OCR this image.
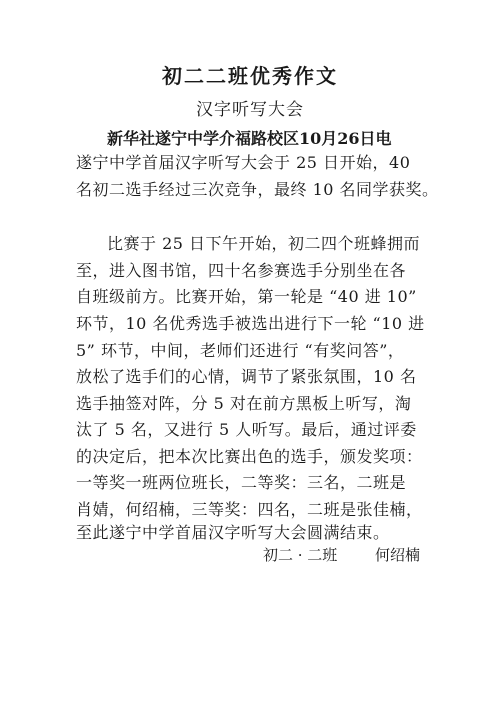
初二二班优秀作文
汉字听写大会
新华社遂宁中学介福路校区10月26日电
遂宁中学首届汉字听写大会于 25 日开始，40
名初二选手经过三次竞争，最终 10 名同学获奖。
比赛于 25 日下午开始，初二四个班蜂拥而
至，进入图书馆，四十名参赛选手分别坐在各
自班级前方。比赛开始，第一轮是 “40 进 10”
环节，10 名优秀选手被选出进行下一轮 “10 进
5” 环节，中间，老师们还进行 “有奖问答”，
放松了选手们的心情，调节了紧张氛围，10 名
选手抽签对阵，分 5 对在前方黑板上听写，淘
汰了 5 名，又进行 5 人听写。最后，通过评委
的决定后，把本次比赛出色的选手，颁发奖项：
一等奖一班两位班长，二等奖：三名，二班是
肖婧，何绍楠，三等奖：四名，二班是张佳楠，
至此遂宁中学首届汉字听写大会圆满结束。
初二 · 二班	何绍楠
